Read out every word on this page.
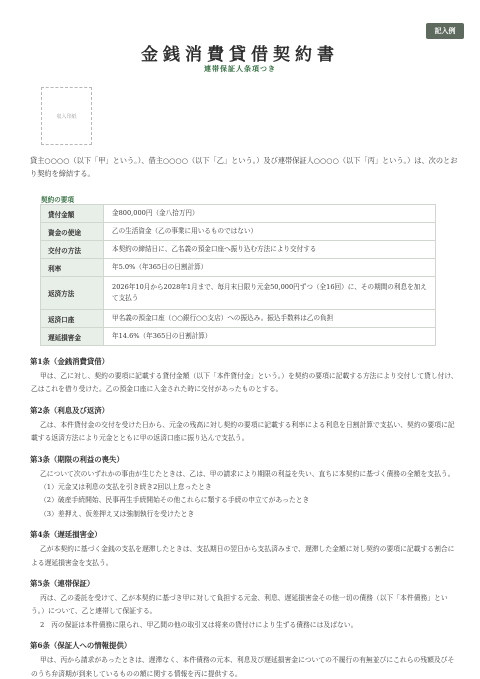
記入例
金銭消費貸借契約書
連帯保証人条項つき
収入印紙

貸主○○○○（以下「甲」という。）、借主○○○○（以下「乙」という。）及び連帯保証人○○○○（以下「丙」という。）は、次のとおり契約を締結する。

契約の要項
貸付金額	金800,000円（金八拾万円）
資金の使途	乙の生活資金（乙の事業に用いるものではない）
交付の方法	本契約の締結日に、乙名義の預金口座へ振り込む方法により交付する
利率	年5.0%（年365日の日割計算）
返済方法	2026年10月から2028年1月まで、毎月末日限り元金50,000円ずつ（全16回）に、その期間の利息を加えて支払う
返済口座	甲名義の預金口座（○○銀行○○支店）への振込み。振込手数料は乙の負担
遅延損害金	年14.6%（年365日の日割計算）
第1条（金銭消費貸借）
甲は、乙に対し、契約の要項に記載する貸付金額（以下「本件貸付金」という。）を契約の要項に記載する方法により交付して貸し付け、乙はこれを借り受けた。乙の預金口座に入金された時に交付があったものとする。
第2条（利息及び返済）
乙は、本件貸付金の交付を受けた日から、元金の残高に対し契約の要項に記載する利率による利息を日割計算で支払い、契約の要項に記載する返済方法により元金とともに甲の返済口座に振り込んで支払う。
第3条（期限の利益の喪失）
乙について次のいずれかの事由が生じたときは、乙は、甲の請求により期限の利益を失い、直ちに本契約に基づく債務の全額を支払う。
（1）元金又は利息の支払を引き続き2回以上怠ったとき
（2）破産手続開始、民事再生手続開始その他これらに類する手続の申立てがあったとき
（3）差押え、仮差押え又は強制執行を受けたとき
第4条（遅延損害金）
乙が本契約に基づく金銭の支払を遅滞したときは、支払期日の翌日から支払済みまで、遅滞した金額に対し契約の要項に記載する割合による遅延損害金を支払う。
第5条（連帯保証）
丙は、乙の委託を受けて、乙が本契約に基づき甲に対して負担する元金、利息、遅延損害金その他一切の債務（以下「本件債務」という。）について、乙と連帯して保証する。
2　丙の保証は本件債務に限られ、甲乙間の他の取引又は将来の貸付けにより生ずる債務には及ばない。
第6条（保証人への情報提供）
甲は、丙から請求があったときは、遅滞なく、本件債務の元本、利息及び遅延損害金についての不履行の有無並びにこれらの残額及びそのうち弁済期が到来しているものの額に関する情報を丙に提供する。
